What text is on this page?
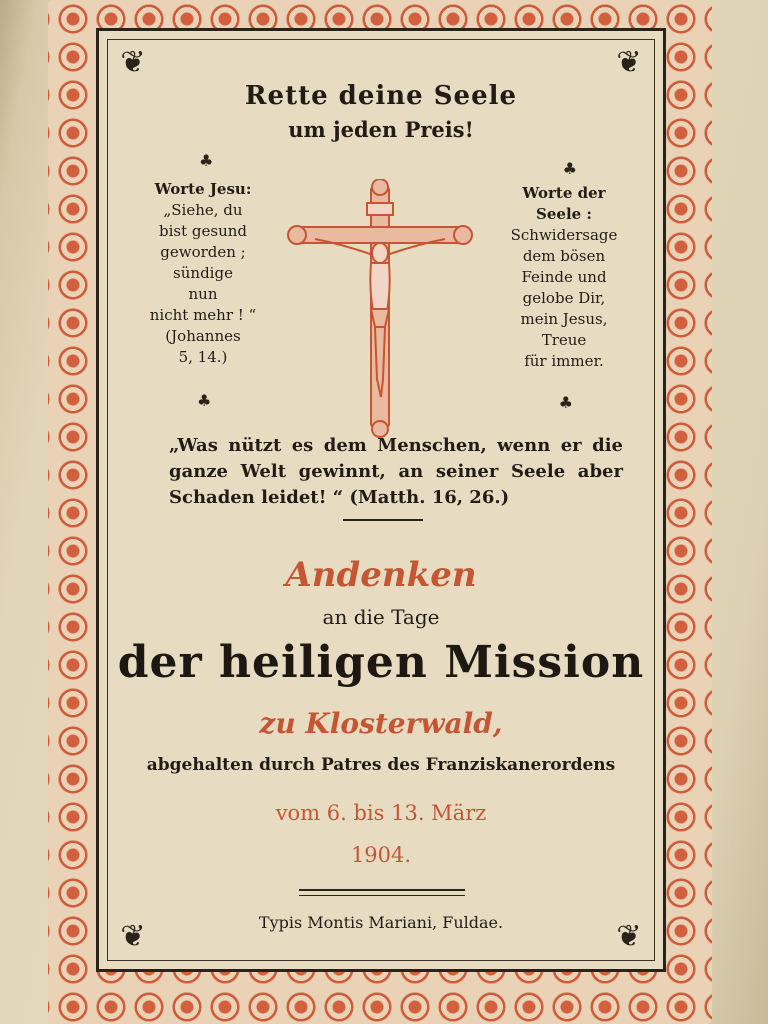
❦	❦
❦	❦
Rette deine Seele
um jeden Preis!
♣	♣
Worte Jesu:
„Siehe, du
bist gesund
geworden ;
sündige
nun
nicht mehr ! “
(Johannes
5, 14.)
Worte der
Seele :
Schwidersage
dem bösen
Feinde und
gelobe Dir,
mein Jesus,
Treue
für immer.
♣	♣
„Was nützt es dem Menschen, wenn er die ganze Welt gewinnt, an seiner Seele aber Schaden leidet! “ (Matth. 16, 26.)
Andenken
an die Tage
der heiligen Mission
zu Klosterwald,
abgehalten durch Patres des Franziskanerordens
vom 6. bis 13. März
1904.
Typis Montis Mariani, Fuldae.
